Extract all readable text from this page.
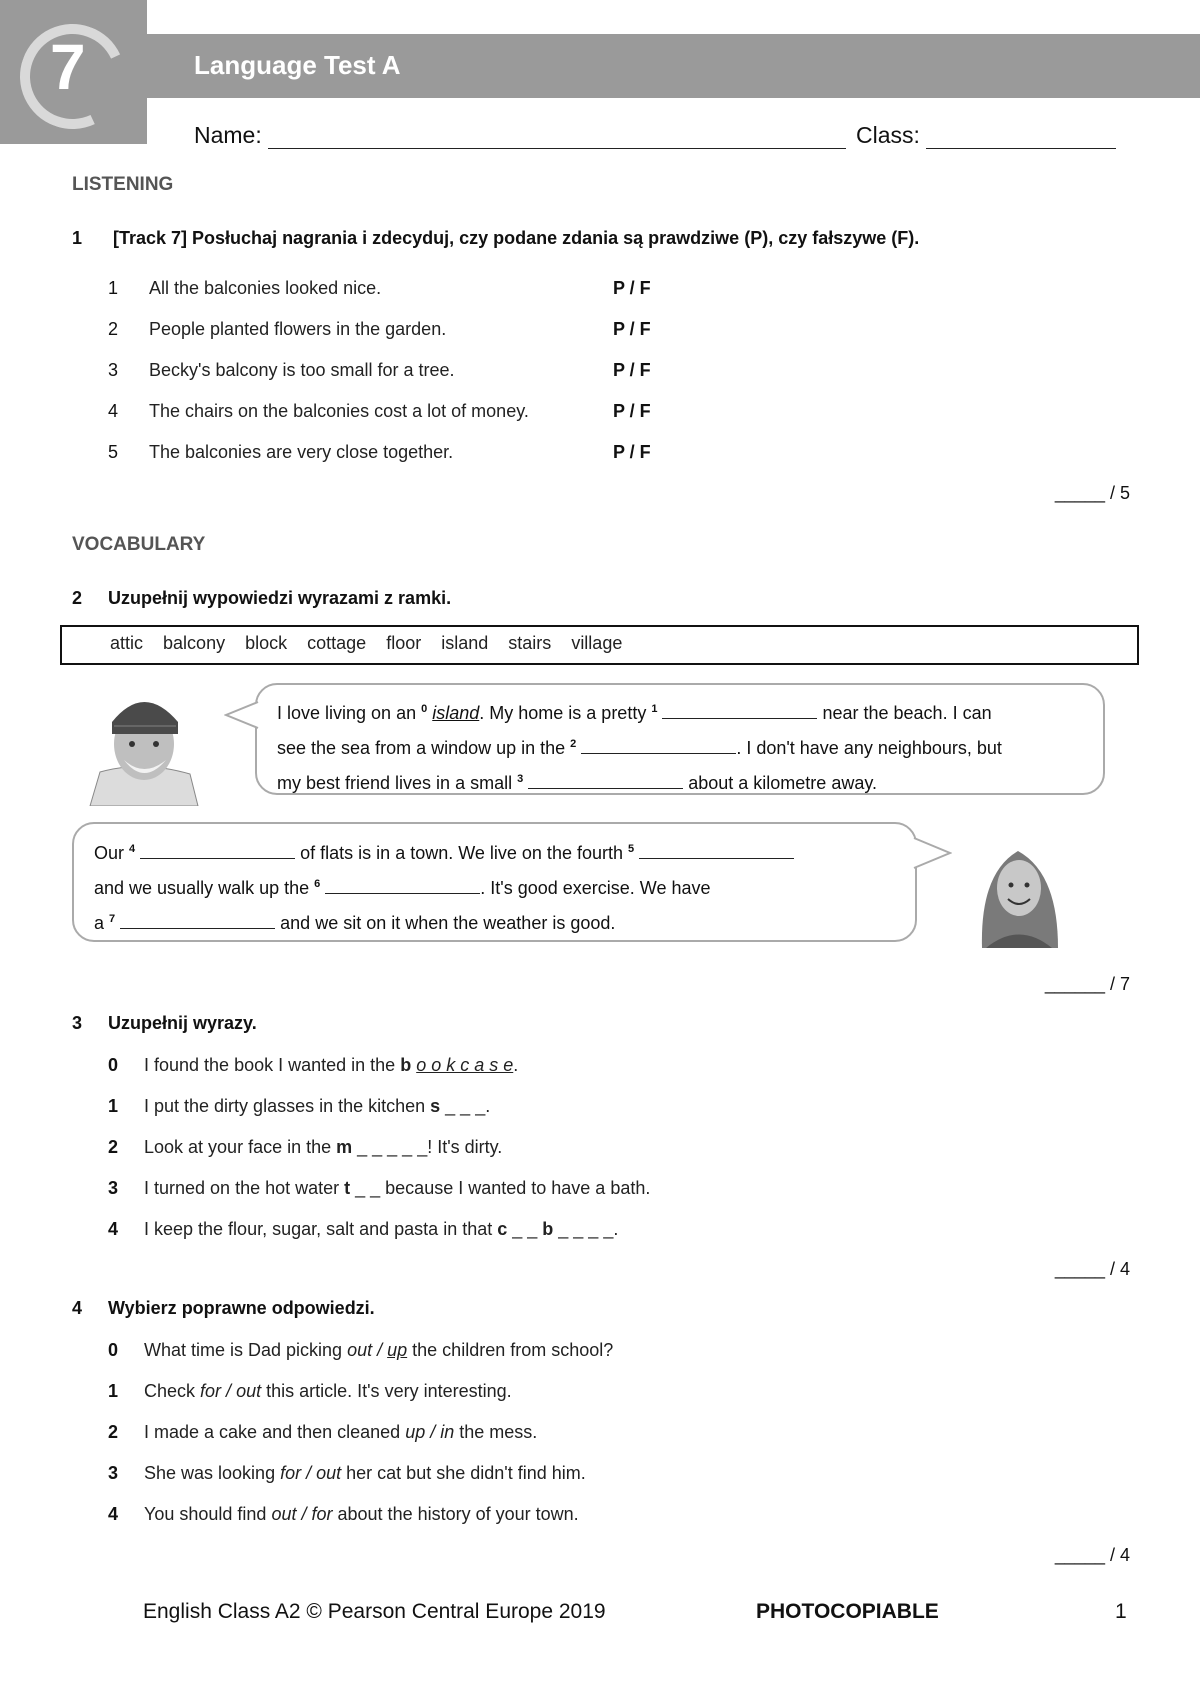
7	Language Test A
Name:	Class:
LISTENING
1 [Track 7] Posłuchaj nagrania i zdecyduj, czy podane zdania są prawdziwe (P), czy fałszywe (F).
1 All the balconies looked nice.	P / F
2 People planted flowers in the garden.	P / F
3 Becky's balcony is too small for a tree.	P / F
4 The chairs on the balconies cost a lot of money.	P / F
5 The balconies are very close together.	P / F
_____ / 5
VOCABULARY
2 Uzupełnij wypowiedzi wyrazami z ramki.
attic balcony block cottage floor island stairs village
I love living on an $^0$ island. My home is a pretty $^1$	near the beach. I can
see the sea from a window up in the $^2$	. I don't have any neighbours, but
my best friend lives in a small $^3$	about a kilometre away.
Our $^4$	of flats is in a town. We live on the fourth $^5$
and we usually walk up the $^6$	. It's good exercise. We have
a $^7$	and we sit on it when the weather is good.
______ / 7
3 Uzupełnij wyrazy.
0 I found the book I wanted in the b o o k c a s e.
1 I put the dirty glasses in the kitchen s _ _ _.
2 Look at your face in the m _ _ _ _ _! It's dirty.
3 I turned on the hot water t _ _ because I wanted to have a bath.
4 I keep the flour, sugar, salt and pasta in that c _ _ b _ _ _ _.
_____ / 4
4 Wybierz poprawne odpowiedzi.
0 What time is Dad picking out / up the children from school?
1 Check for / out this article. It's very interesting.
2 I made a cake and then cleaned up / in the mess.
3 She was looking for / out her cat but she didn't find him.
4 You should find out / for about the history of your town.
_____ / 4
English Class A2 © Pearson Central Europe 2019	PHOTOCOPIABLE	1
